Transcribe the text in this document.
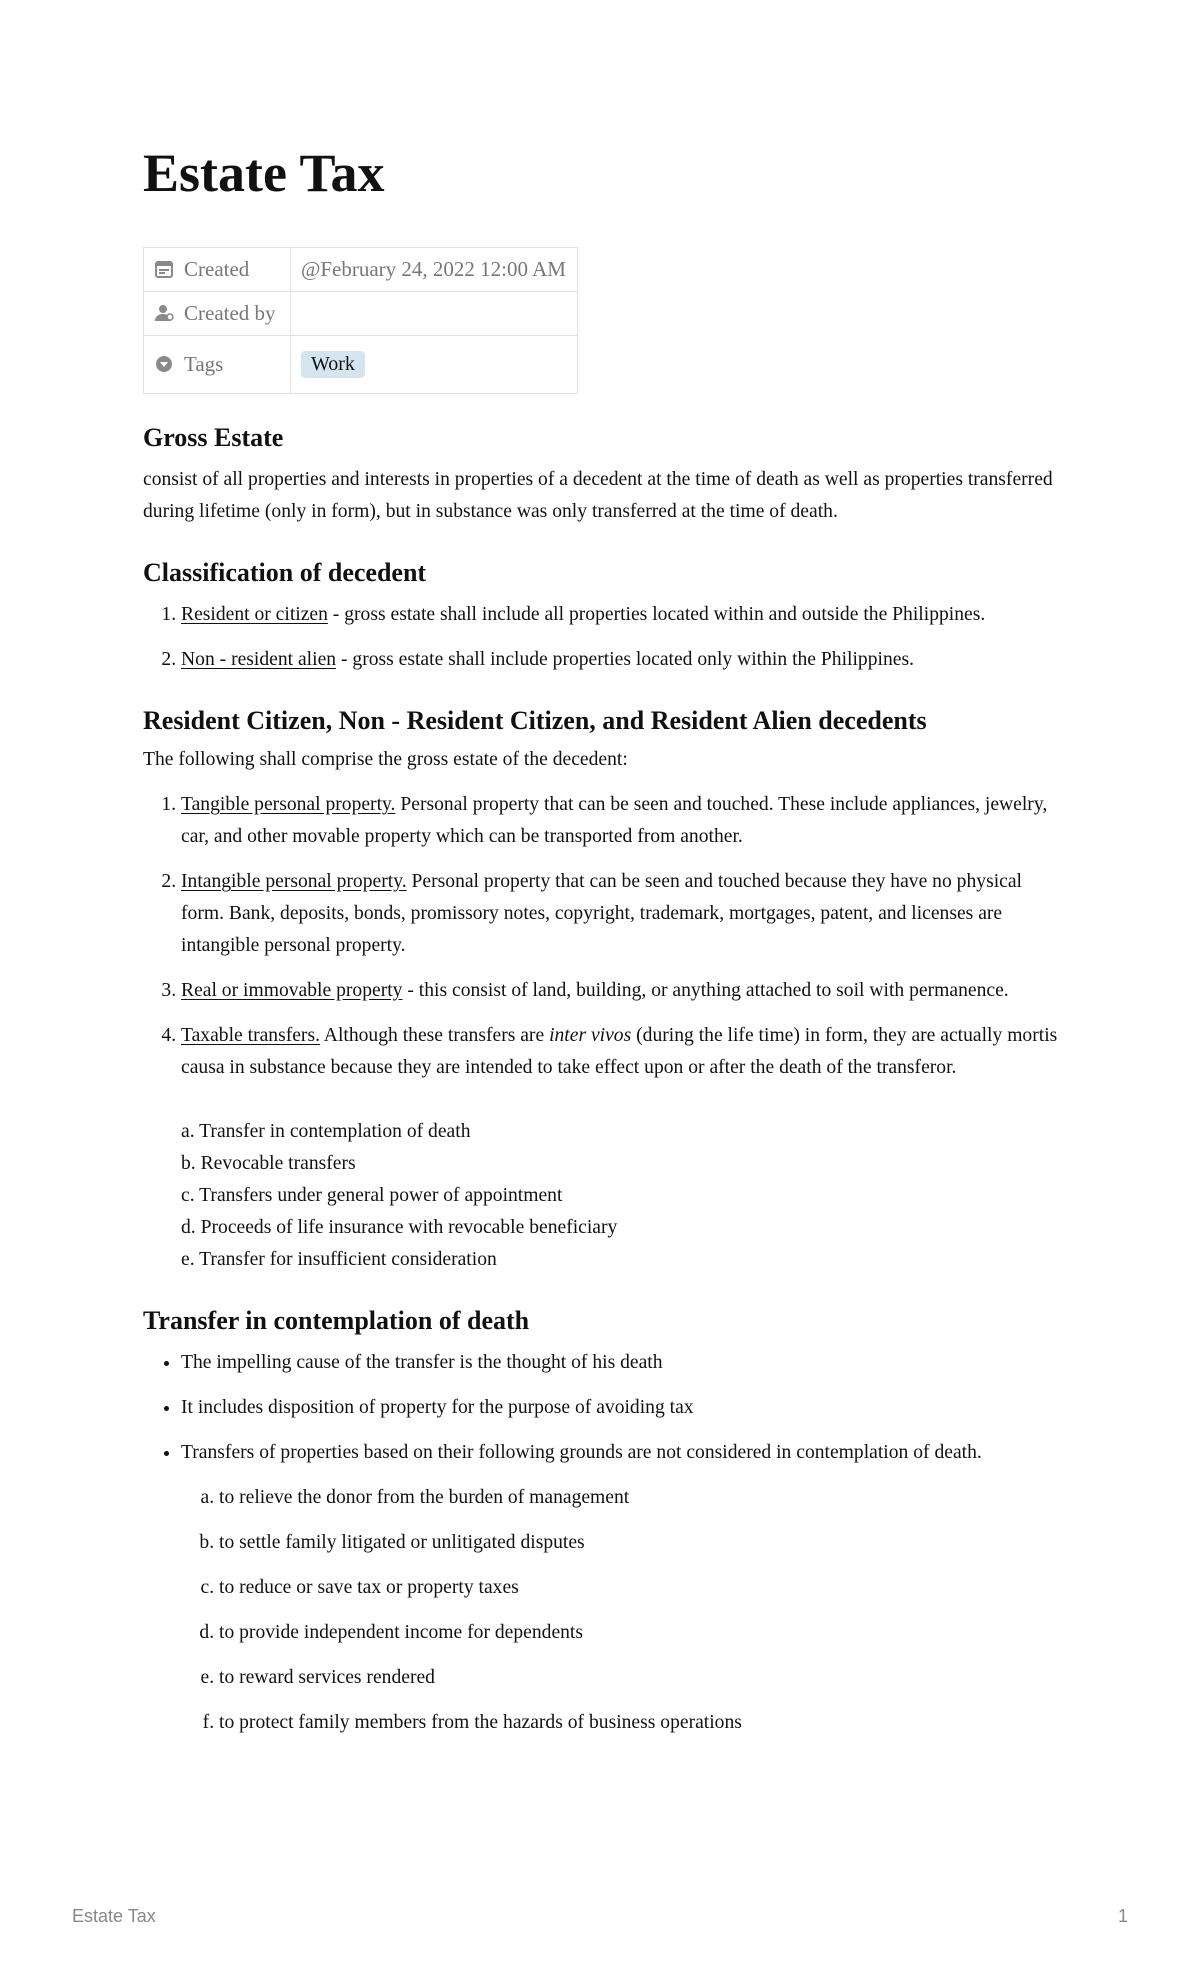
Estate Tax
Created	@February 24, 2022 12:00 AM
Created by	
Tags	Work
Gross Estate

consist of all properties and interests in properties of a decedent at the time of death as well as properties transferred during lifetime (only in form), but in substance was only transferred at the time of death.

Classification of decedent
1. Resident or citizen - gross estate shall include all properties located within and outside the Philippines.
2. Non - resident alien - gross estate shall include properties located only within the Philippines.
Resident Citizen, Non - Resident Citizen, and Resident Alien decedents

The following shall comprise the gross estate of the decedent:

1. Tangible personal property. Personal property that can be seen and touched. These include appliances, jewelry, car, and other movable property which can be transported from another.
2. Intangible personal property. Personal property that can be seen and touched because they have no physical form. Bank, deposits, bonds, promissory notes, copyright, trademark, mortgages, patent, and licenses are intangible personal property.
3. Real or immovable property - this consist of land, building, or anything attached to soil with permanence.
4. Taxable transfers. Although these transfers are inter vivos (during the life time) in form, they are actually mortis causa in substance because they are intended to take effect upon or after the death of the transferor.
a. Transfer in contemplation of death
b. Revocable transfers
c. Transfers under general power of appointment
d. Proceeds of life insurance with revocable beneficiary
e. Transfer for insufficient consideration
Transfer in contemplation of death
• The impelling cause of the transfer is the thought of his death
• It includes disposition of property for the purpose of avoiding tax
• Transfers of properties based on their following grounds are not considered in contemplation of death.
a. to relieve the donor from the burden of management
b. to settle family litigated or unlitigated disputes
c. to reduce or save tax or property taxes
d. to provide independent income for dependents
e. to reward services rendered
f. to protect family members from the hazards of business operations
Estate Tax	1
